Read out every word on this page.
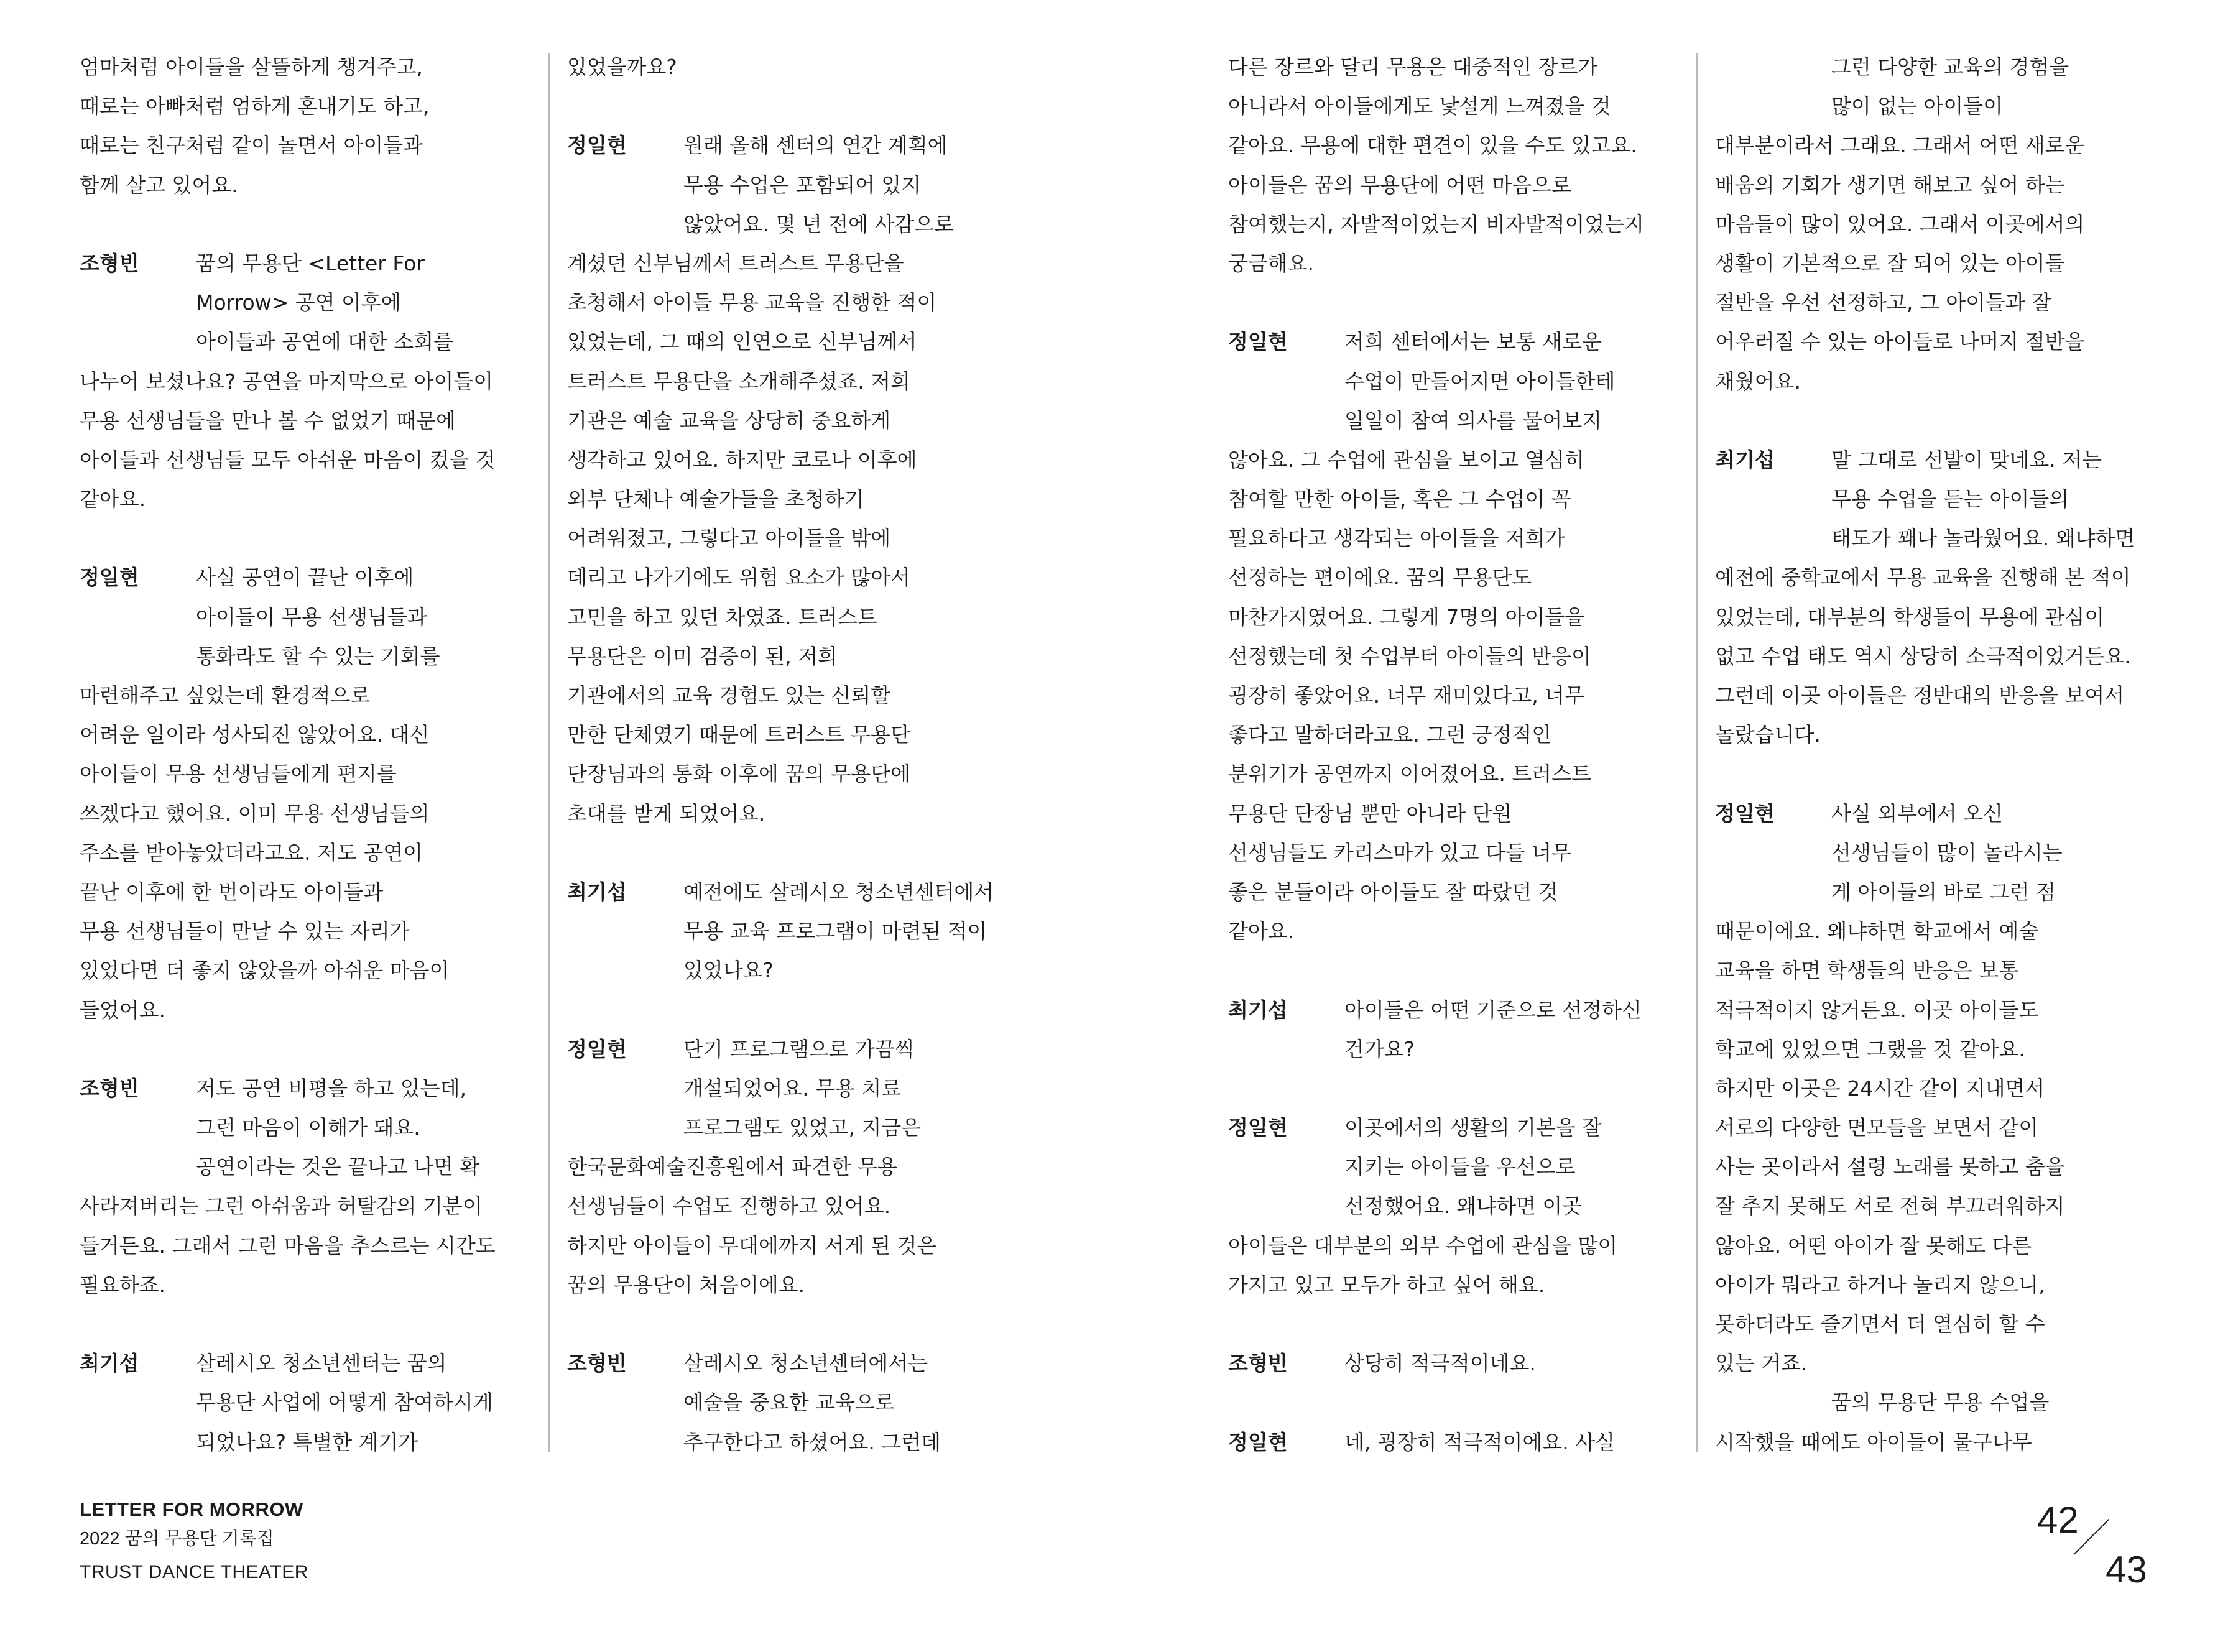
엄마처럼 아이들을 살뜰하게 챙겨주고,
때로는 아빠처럼 엄하게 혼내기도 하고,
때로는 친구처럼 같이 놀면서 아이들과
함께 살고 있어요.
조형빈	꿈의 무용단 <Letter For
Morrow> 공연 이후에
아이들과 공연에 대한 소회를
나누어 보셨나요? 공연을 마지막으로 아이들이
무용 선생님들을 만나 볼 수 없었기 때문에
아이들과 선생님들 모두 아쉬운 마음이 컸을 것
같아요.
정일현	사실 공연이 끝난 이후에
아이들이 무용 선생님들과
통화라도 할 수 있는 기회를
마련해주고 싶었는데 환경적으로
어려운 일이라 성사되진 않았어요. 대신
아이들이 무용 선생님들에게 편지를
쓰겠다고 했어요. 이미 무용 선생님들의
주소를 받아놓았더라고요. 저도 공연이
끝난 이후에 한 번이라도 아이들과
무용 선생님들이 만날 수 있는 자리가
있었다면 더 좋지 않았을까 아쉬운 마음이
들었어요.
조형빈	저도 공연 비평을 하고 있는데,
그런 마음이 이해가 돼요.
공연이라는 것은 끝나고 나면 확
사라져버리는 그런 아쉬움과 허탈감의 기분이
들거든요. 그래서 그런 마음을 추스르는 시간도
필요하죠.
최기섭	살레시오 청소년센터는 꿈의
무용단 사업에 어떻게 참여하시게
되었나요? 특별한 계기가
있었을까요?
정일현	원래 올해 센터의 연간 계획에
무용 수업은 포함되어 있지
않았어요. 몇 년 전에 사감으로
계셨던 신부님께서 트러스트 무용단을
초청해서 아이들 무용 교육을 진행한 적이
있었는데, 그 때의 인연으로 신부님께서
트러스트 무용단을 소개해주셨죠. 저희
기관은 예술 교육을 상당히 중요하게
생각하고 있어요. 하지만 코로나 이후에
외부 단체나 예술가들을 초청하기
어려워졌고, 그렇다고 아이들을 밖에
데리고 나가기에도 위험 요소가 많아서
고민을 하고 있던 차였죠. 트러스트
무용단은 이미 검증이 된, 저희
기관에서의 교육 경험도 있는 신뢰할
만한 단체였기 때문에 트러스트 무용단
단장님과의 통화 이후에 꿈의 무용단에
초대를 받게 되었어요.
최기섭	예전에도 살레시오 청소년센터에서
무용 교육 프로그램이 마련된 적이
있었나요?
정일현	단기 프로그램으로 가끔씩
개설되었어요. 무용 치료
프로그램도 있었고, 지금은
한국문화예술진흥원에서 파견한 무용
선생님들이 수업도 진행하고 있어요.
하지만 아이들이 무대에까지 서게 된 것은
꿈의 무용단이 처음이에요.
조형빈	살레시오 청소년센터에서는
예술을 중요한 교육으로
추구한다고 하셨어요. 그런데
다른 장르와 달리 무용은 대중적인 장르가
아니라서 아이들에게도 낯설게 느껴졌을 것
같아요. 무용에 대한 편견이 있을 수도 있고요.
아이들은 꿈의 무용단에 어떤 마음으로
참여했는지, 자발적이었는지 비자발적이었는지
궁금해요.
정일현	저희 센터에서는 보통 새로운
수업이 만들어지면 아이들한테
일일이 참여 의사를 물어보지
않아요. 그 수업에 관심을 보이고 열심히
참여할 만한 아이들, 혹은 그 수업이 꼭
필요하다고 생각되는 아이들을 저희가
선정하는 편이에요. 꿈의 무용단도
마찬가지였어요. 그렇게 7명의 아이들을
선정했는데 첫 수업부터 아이들의 반응이
굉장히 좋았어요. 너무 재미있다고, 너무
좋다고 말하더라고요. 그런 긍정적인
분위기가 공연까지 이어졌어요. 트러스트
무용단 단장님 뿐만 아니라 단원
선생님들도 카리스마가 있고 다들 너무
좋은 분들이라 아이들도 잘 따랐던 것
같아요.
최기섭	아이들은 어떤 기준으로 선정하신
건가요?
정일현	이곳에서의 생활의 기본을 잘
지키는 아이들을 우선으로
선정했어요. 왜냐하면 이곳
아이들은 대부분의 외부 수업에 관심을 많이
가지고 있고 모두가 하고 싶어 해요.
조형빈	상당히 적극적이네요.
정일현	네, 굉장히 적극적이에요. 사실
그런 다양한 교육의 경험을
많이 없는 아이들이
대부분이라서 그래요. 그래서 어떤 새로운
배움의 기회가 생기면 해보고 싶어 하는
마음들이 많이 있어요. 그래서 이곳에서의
생활이 기본적으로 잘 되어 있는 아이들
절반을 우선 선정하고, 그 아이들과 잘
어우러질 수 있는 아이들로 나머지 절반을
채웠어요.
최기섭	말 그대로 선발이 맞네요. 저는
무용 수업을 듣는 아이들의
태도가 꽤나 놀라웠어요. 왜냐하면
예전에 중학교에서 무용 교육을 진행해 본 적이
있었는데, 대부분의 학생들이 무용에 관심이
없고 수업 태도 역시 상당히 소극적이었거든요.
그런데 이곳 아이들은 정반대의 반응을 보여서
놀랐습니다.
정일현	사실 외부에서 오신
선생님들이 많이 놀라시는
게 아이들의 바로 그런 점
때문이에요. 왜냐하면 학교에서 예술
교육을 하면 학생들의 반응은 보통
적극적이지 않거든요. 이곳 아이들도
학교에 있었으면 그랬을 것 같아요.
하지만 이곳은 24시간 같이 지내면서
서로의 다양한 면모들을 보면서 같이
사는 곳이라서 설령 노래를 못하고 춤을
잘 추지 못해도 서로 전혀 부끄러워하지
않아요. 어떤 아이가 잘 못해도 다른
아이가 뭐라고 하거나 놀리지 않으니,
못하더라도 즐기면서 더 열심히 할 수
있는 거죠.
꿈의 무용단 무용 수업을
시작했을 때에도 아이들이 물구나무
LETTER FOR MORROW
2022 꿈의 무용단 기록집
TRUST DANCE THEATER
42
43
